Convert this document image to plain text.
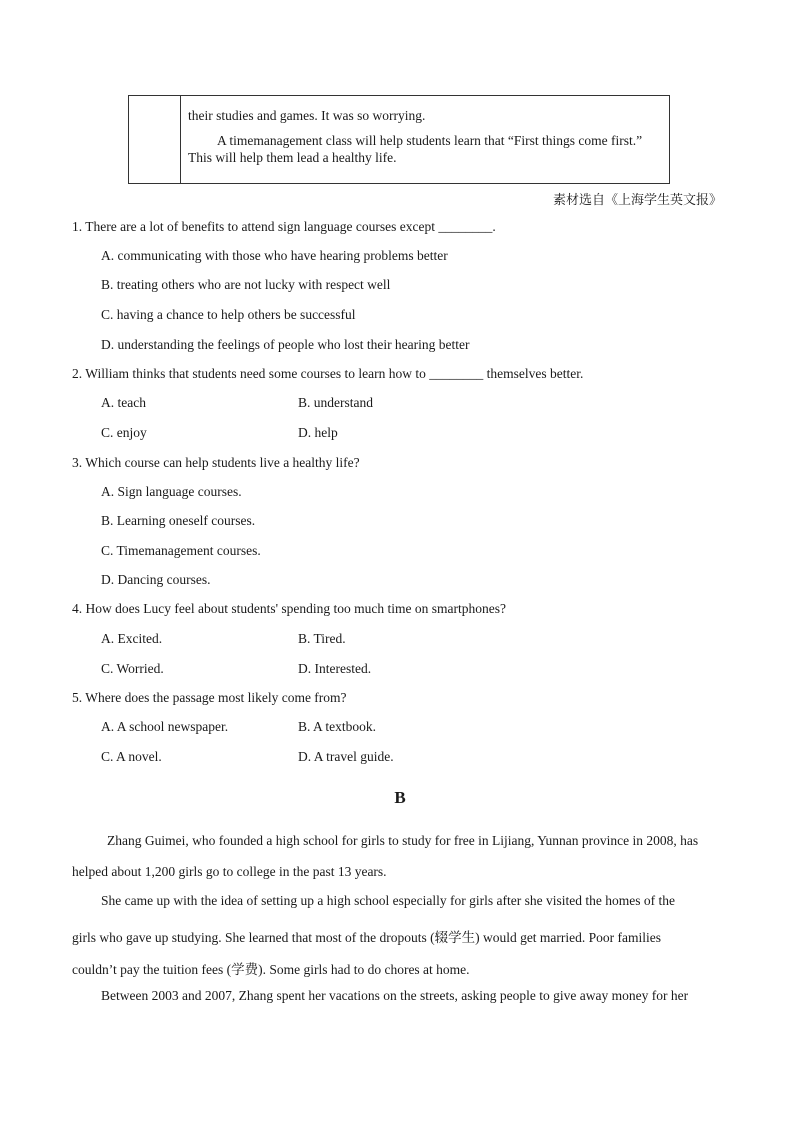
their studies and games. It was so worrying.
A timemanagement class will help students learn that “First things come first.”
This will help them lead a healthy life.
素材选自《上海学生英文报》
1. There are a lot of benefits to attend sign language courses except ________.
A. communicating with those who have hearing problems better
B. treating others who are not lucky with respect well
C. having a chance to help others be successful
D. understanding the feelings of people who lost their hearing better
2. William thinks that students need some courses to learn how to ________ themselves better.
A. teach	B. understand
C. enjoy	D. help
3. Which course can help students live a healthy life?
A. Sign language courses.
B. Learning oneself courses.
C. Timemanagement courses.
D. Dancing courses.
4. How does Lucy feel about students' spending too much time on smartphones?
A. Excited.	B. Tired.
C. Worried.	D. Interested.
5. Where does the passage most likely come from?
A. A school newspaper.	B. A textbook.
C. A novel.	D. A travel guide.
B
Zhang Guimei, who founded a high school for girls to study for free in Lijiang, Yunnan province in 2008, has
helped about 1,200 girls go to college in the past 13 years.
She came up with the idea of setting up a high school especially for girls after she visited the homes of the
girls who gave up studying. She learned that most of the dropouts (辍学生) would get married. Poor families
couldn’t pay the tuition fees (学费). Some girls had to do chores at home.
Between 2003 and 2007, Zhang spent her vacations on the streets, asking people to give away money for her
